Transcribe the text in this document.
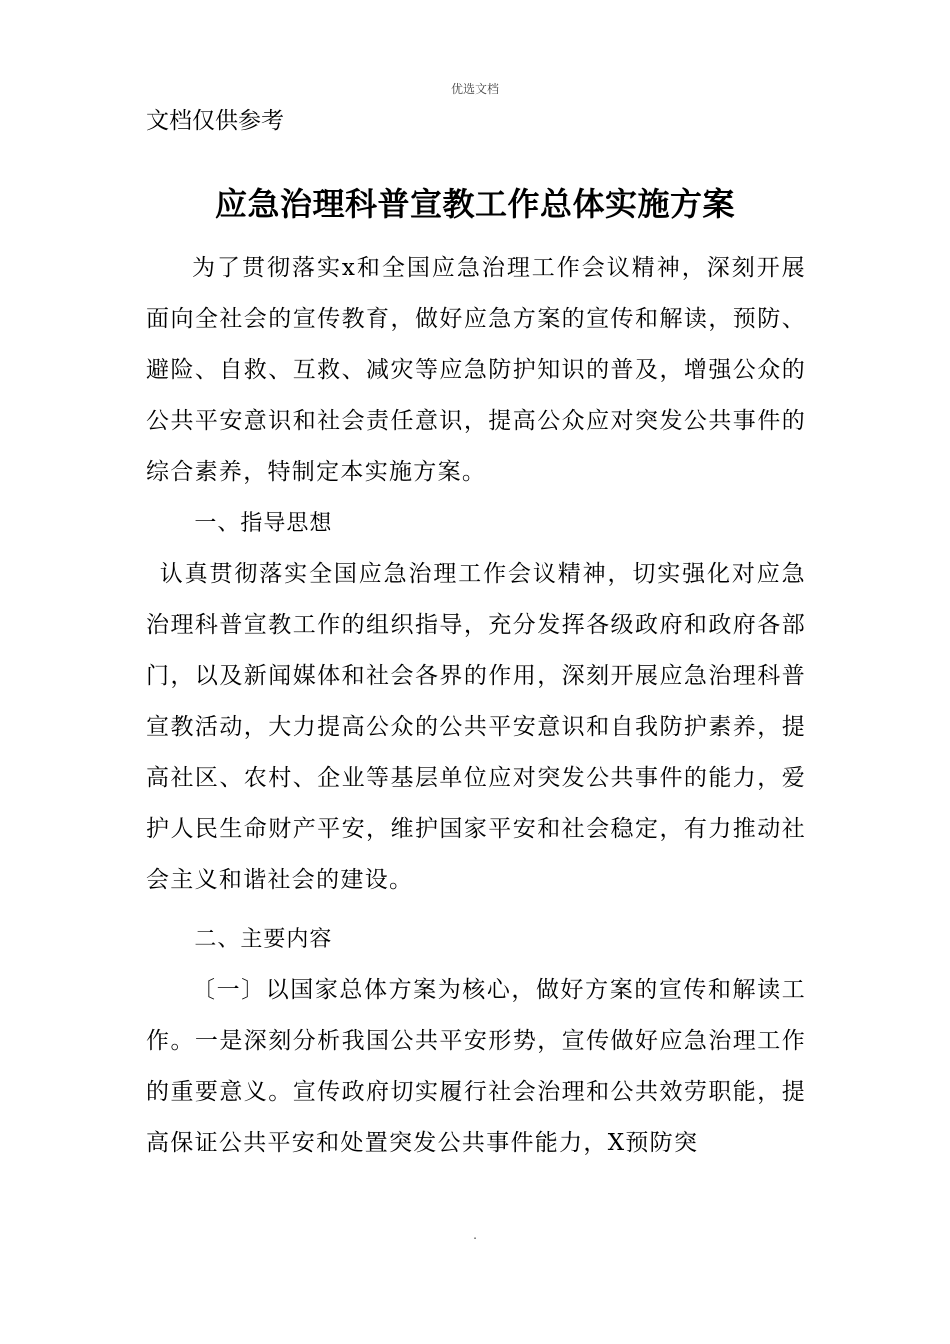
优选文档
文档仅供参考
应急治理科普宣教工作总体实施方案

为了贯彻落实x和全国应急治理工作会议精神，深刻开展面向全社会的宣传教育，做好应急方案的宣传和解读，预防、避险、自救、互救、减灾等应急防护知识的普及，增强公众的公共平安意识和社会责任意识，提高公众应对突发公共事件的综合素养，特制定本实施方案。

一、指导思想

认真贯彻落实全国应急治理工作会议精神，切实强化对应急治理科普宣教工作的组织指导，充分发挥各级政府和政府各部门，以及新闻媒体和社会各界的作用，深刻开展应急治理科普宣教活动，大力提高公众的公共平安意识和自我防护素养，提高社区、农村、企业等基层单位应对突发公共事件的能力，爱护人民生命财产平安，维护国家平安和社会稳定，有力推动社会主义和谐社会的建设。

二、主要内容

〔一〕以国家总体方案为核心，做好方案的宣传和解读工作。一是深刻分析我国公共平安形势，宣传做好应急治理工作的重要意义。宣传政府切实履行社会治理和公共效劳职能，提高保证公共平安和处置突发公共事件能力，X预防突

.
